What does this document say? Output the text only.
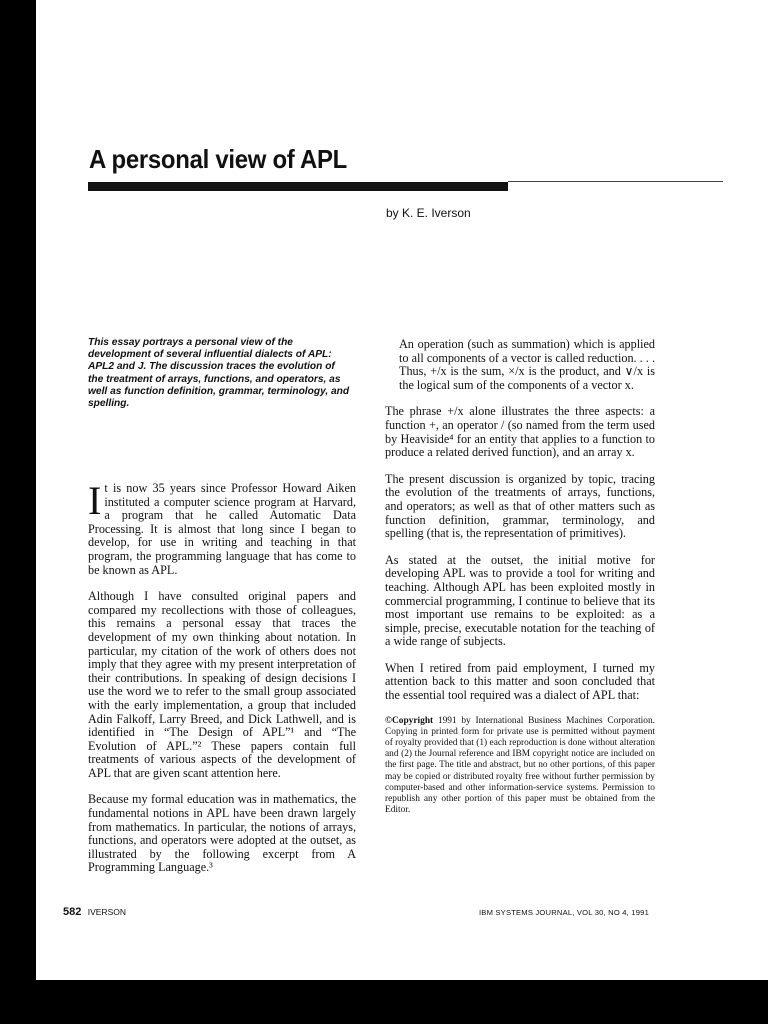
A personal view of APL
by K. E. Iverson

This essay portrays a personal view of the development of several influential dialects of APL: APL2 and J. The discussion traces the evolution of the treatment of arrays, functions, and operators, as well as function definition, grammar, terminology, and spelling.

It is now 35 years since Professor Howard Aiken instituted a computer science program at Harvard, a program that he called Automatic Data Processing. It is almost that long since I began to develop, for use in writing and teaching in that program, the programming language that has come to be known as APL.

Although I have consulted original papers and compared my recollections with those of colleagues, this remains a personal essay that traces the development of my own thinking about notation. In particular, my citation of the work of others does not imply that they agree with my present interpretation of their contributions. In speaking of design decisions I use the word we to refer to the small group associated with the early implementation, a group that included Adin Falkoff, Larry Breed, and Dick Lathwell, and is identified in “The Design of APL”¹ and “The Evolution of APL.”² These papers contain full treatments of various aspects of the development of APL that are given scant attention here.

Because my formal education was in mathematics, the fundamental notions in APL have been drawn largely from mathematics. In particular, the notions of arrays, functions, and operators were adopted at the outset, as illustrated by the following excerpt from A Programming Language.³

An operation (such as summation) which is applied to all components of a vector is called reduction. . . . Thus, +/x is the sum, ×/x is the product, and ∨/x is the logical sum of the components of a vector x.

The phrase +/x alone illustrates the three aspects: a function +, an operator / (so named from the term used by Heaviside⁴ for an entity that applies to a function to produce a related derived function), and an array x.

The present discussion is organized by topic, tracing the evolution of the treatments of arrays, functions, and operators; as well as that of other matters such as function definition, grammar, terminology, and spelling (that is, the representation of primitives).

As stated at the outset, the initial motive for developing APL was to provide a tool for writing and teaching. Although APL has been exploited mostly in commercial programming, I continue to believe that its most important use remains to be exploited: as a simple, precise, executable notation for the teaching of a wide range of subjects.

When I retired from paid employment, I turned my attention back to this matter and soon concluded that the essential tool required was a dialect of APL that:

©Copyright 1991 by International Business Machines Corporation. Copying in printed form for private use is permitted without payment of royalty provided that (1) each reproduction is done without alteration and (2) the Journal reference and IBM copyright notice are included on the first page. The title and abstract, but no other portions, of this paper may be copied or distributed royalty free without further permission by computer-based and other information-service systems. Permission to republish any other portion of this paper must be obtained from the Editor.

582 IVERSON	IBM SYSTEMS JOURNAL, VOL 30, NO 4, 1991
